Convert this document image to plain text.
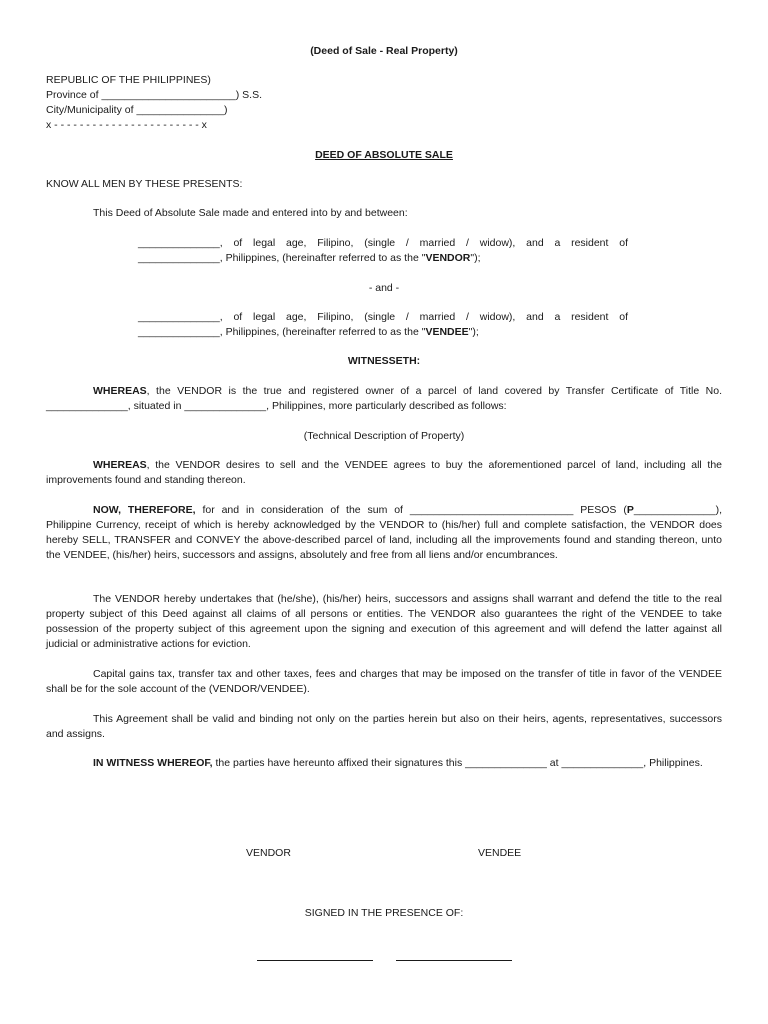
(Deed of Sale - Real Property)

REPUBLIC OF THE PHILIPPINES)

Province of _______________________) S.S.

City/Municipality of _______________)

x - - - - - - - - - - - - - - - - - - - - - - - x

DEED OF ABSOLUTE SALE

KNOW ALL MEN BY THESE PRESENTS:

This Deed of Absolute Sale made and entered into by and between:

______________, of legal age, Filipino, (single / married / widow), and a resident of

______________, Philippines, (hereinafter referred to as the "VENDOR");

- and -

______________, of legal age, Filipino, (single / married / widow), and a resident of

______________, Philippines, (hereinafter referred to as the "VENDEE");

WITNESSETH:

WHEREAS, the VENDOR is the true and registered owner of a parcel of land covered by Transfer Certificate of Title No. ______________, situated in ______________, Philippines, more particularly described as follows:

(Technical Description of Property)

WHEREAS, the VENDOR desires to sell and the VENDEE agrees to buy the aforementioned parcel of land, including all the improvements found and standing thereon.

NOW, THEREFORE, for and in consideration of the sum of ____________________________ PESOS (P______________), Philippine Currency, receipt of which is hereby acknowledged by the VENDOR to (his/her) full and complete satisfaction, the VENDOR does hereby SELL, TRANSFER and CONVEY the above-described parcel of land, including all the improvements found and standing thereon, unto the VENDEE, (his/her) heirs, successors and assigns, absolutely and free from all liens and/or encumbrances.

The VENDOR hereby undertakes that (he/she), (his/her) heirs, successors and assigns shall warrant and defend the title to the real property subject of this Deed against all claims of all persons or entities. The VENDOR also guarantees the right of the VENDEE to take possession of the property subject of this agreement upon the signing and execution of this agreement and will defend the latter against all judicial or administrative actions for eviction.

Capital gains tax, transfer tax and other taxes, fees and charges that may be imposed on the transfer of title in favor of the VENDEE shall be for the sole account of the (VENDOR/VENDEE).

This Agreement shall be valid and binding not only on the parties herein but also on their heirs, agents, representatives, successors and assigns.

IN WITNESS WHEREOF, the parties have hereunto affixed their signatures this ______________ at ______________, Philippines.

VENDOR	VENDEE

SIGNED IN THE PRESENCE OF:
